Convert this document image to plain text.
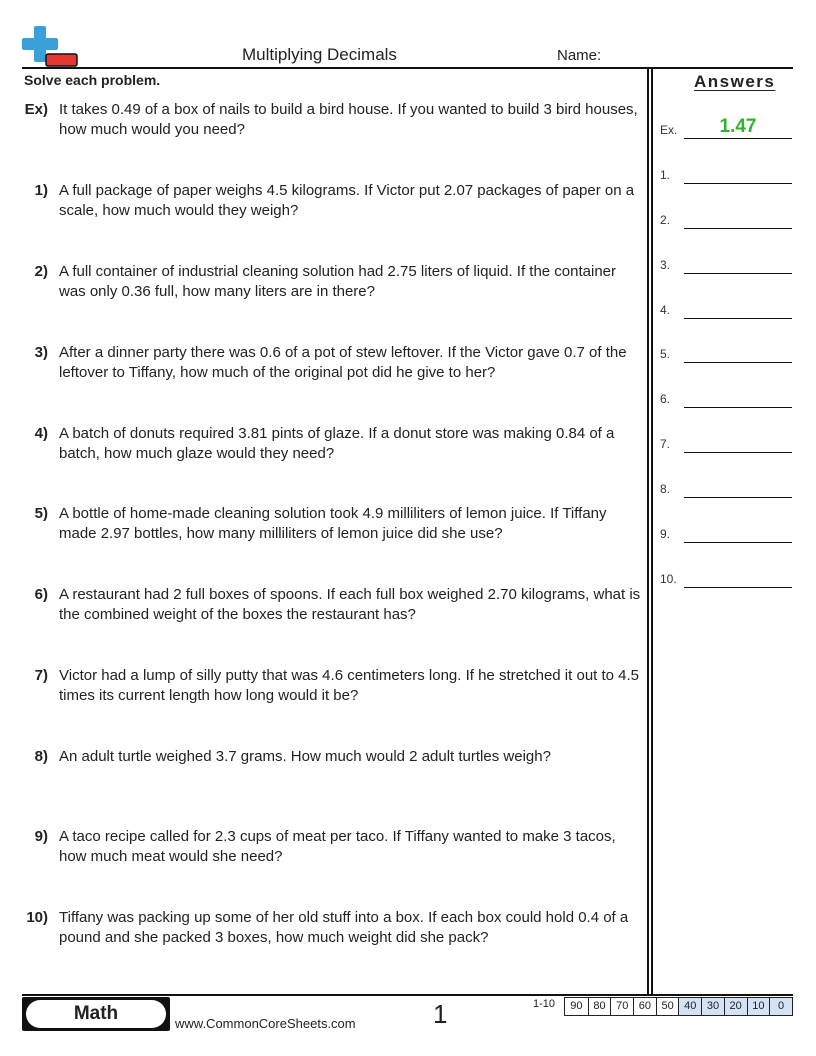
Multiplying Decimals	Name:
Solve each problem.
Ex) It takes 0.49 of a box of nails to build a bird house. If you wanted to build 3 bird houses, how much would you need?
1) A full package of paper weighs 4.5 kilograms. If Victor put 2.07 packages of paper on a scale, how much would they weigh?
2) A full container of industrial cleaning solution had 2.75 liters of liquid. If the container was only 0.36 full, how many liters are in there?
3) After a dinner party there was 0.6 of a pot of stew leftover. If the Victor gave 0.7 of the leftover to Tiffany, how much of the original pot did he give to her?
4) A batch of donuts required 3.81 pints of glaze. If a donut store was making 0.84 of a batch, how much glaze would they need?
5) A bottle of home-made cleaning solution took 4.9 milliliters of lemon juice. If Tiffany made 2.97 bottles, how many milliliters of lemon juice did she use?
6) A restaurant had 2 full boxes of spoons. If each full box weighed 2.70 kilograms, what is the combined weight of the boxes the restaurant has?
7) Victor had a lump of silly putty that was 4.6 centimeters long. If he stretched it out to 4.5 times its current length how long would it be?
8) An adult turtle weighed 3.7 grams. How much would 2 adult turtles weigh?
9) A taco recipe called for 2.3 cups of meat per taco. If Tiffany wanted to make 3 tacos, how much meat would she need?
10) Tiffany was packing up some of her old stuff into a box. If each box could hold 0.4 of a pound and she packed 3 boxes, how much weight did she pack?
Answers
Ex.	1.47
1.
2.
3.
4.
5.
6.
7.
8.
9.
10.
Math	www.CommonCoreSheets.com	1	1-10	90 80 70 60 50 40 30 20 10	0
